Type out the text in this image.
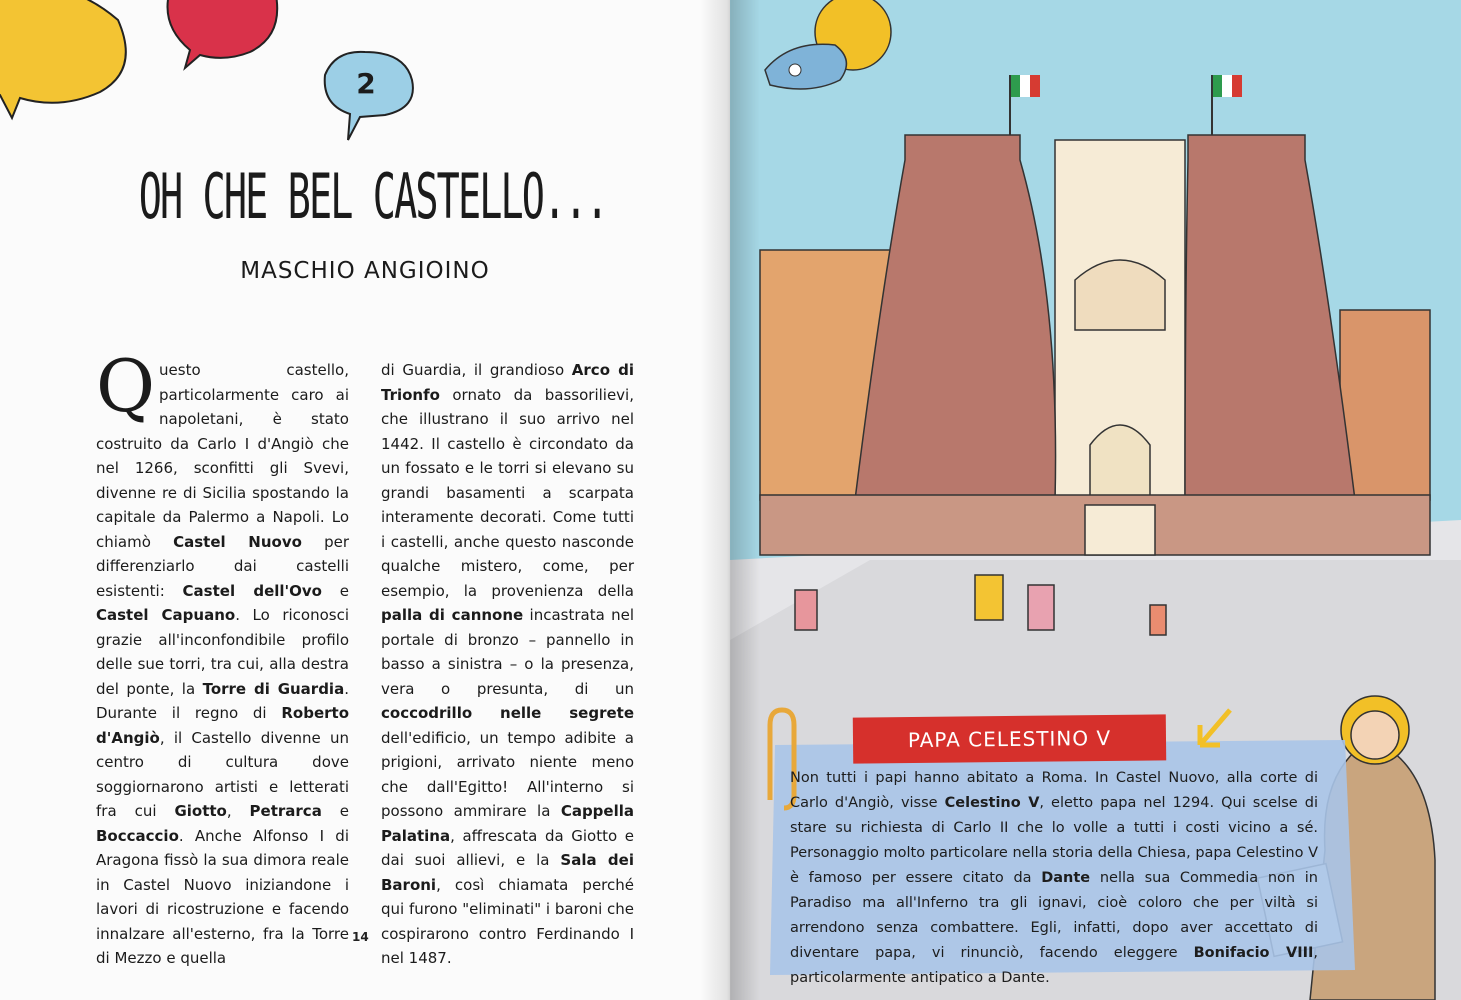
2
OH CHE BEL CASTELLO...
MASCHIO ANGIOINO
Questo castello, particolarmente caro ai napoletani, è stato costruito da Carlo I d'Angiò che nel 1266, sconfitti gli Svevi, divenne re di Sicilia spostando la capitale da Palermo a Napoli. Lo chiamò Castel Nuovo per differenziarlo dai castelli esistenti: Castel dell'Ovo e Castel Capuano. Lo riconosci grazie all'inconfondibile profilo delle sue torri, tra cui, alla destra del ponte, la Torre di Guardia. Durante il regno di Roberto d'Angiò, il Castello divenne un centro di cultura dove soggiornarono artisti e letterati fra cui Giotto, Petrarca e Boccaccio. Anche Alfonso I di Aragona fissò la sua dimora reale in Castel Nuovo iniziandone i lavori di ricostruzione e facendo innalzare all'esterno, fra la Torre di Mezzo e quella
di Guardia, il grandioso Arco di Trionfo ornato da bassorilievi, che illustrano il suo arrivo nel 1442. Il castello è circondato da un fossato e le torri si elevano su grandi basamenti a scarpata interamente decorati. Come tutti i castelli, anche questo nasconde qualche mistero, come, per esempio, la provenienza della palla di cannone incastrata nel portale di bronzo – pannello in basso a sinistra – o la presenza, vera o presunta, di un coccodrillo nelle segrete dell'edificio, un tempo adibite a prigioni, arrivato niente meno che dall'Egitto! All'interno si possono ammirare la Cappella Palatina, affrescata da Giotto e dai suoi allievi, e la Sala dei Baroni, così chiamata perché qui furono "eliminati" i baroni che cospirarono contro Ferdinando I nel 1487.
14
PAPA CELESTINO V
Non tutti i papi hanno abitato a Roma. In Castel Nuovo, alla corte di Carlo d'Angiò, visse Celestino V, eletto papa nel 1294. Qui scelse di stare su richiesta di Carlo II che lo volle a tutti i costi vicino a sé. Personaggio molto particolare nella storia della Chiesa, papa Celestino V è famoso per essere citato da Dante nella sua Commedia non in Paradiso ma all'Inferno tra gli ignavi, cioè coloro che per viltà si arrendono senza combattere. Egli, infatti, dopo aver accettato di diventare papa, vi rinunciò, facendo eleggere Bonifacio VIII, particolarmente antipatico a Dante.
